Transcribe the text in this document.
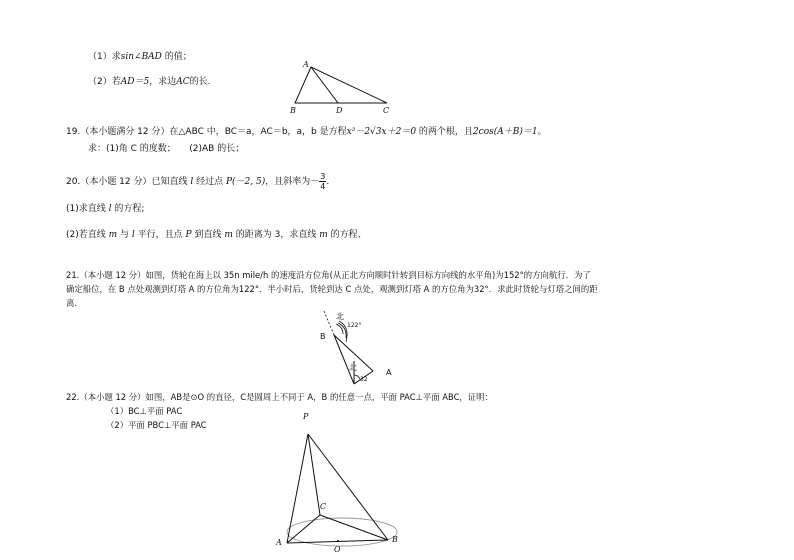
（1）求sin∠BAD 的值；
（2）若AD＝5，求边AC的长.
A
B	D	C
19.（本小题满分 12 分）在△ABC 中，BC＝a，AC＝b，a，b 是方程x²－2√3x＋2＝0 的两个根，且2cos(A＋B)＝1。
求：(1)角 C 的度数；　　(2)AB 的长；
20.（本小题 12 分）已知直线 l 经过点 P(－2, 5)，且斜率为－ $\frac{3}{4}$ .
(1)求直线 l 的方程;
(2)若直线 m 与 l 平行，且点 P 到直线 m 的距离为 3，求直线 m 的方程、
21.（本小题 12 分）如图，货轮在海上以 35n mile/h 的速度沿方位角(从正北方向顺时针转到目标方向线的水平角)为152°的方向航行．为了
确定船位，在 B 点处观测到灯塔 A 的方位角为122°．半小时后，货轮到达 C 点处，观测到灯塔 A 的方位角为32°．求此时货轮与灯塔之间的距
离.
北
122°
B
北
32
A
22.（本小题 12 分）如图，AB是⊙O 的直径，C是圆周上不同于 A，B 的任意一点，平面 PAC⊥平面 ABC，证明：
（1）BC⊥平面 PAC
（2）平面 PBC⊥平面 PAC
P
C
A
O
B
